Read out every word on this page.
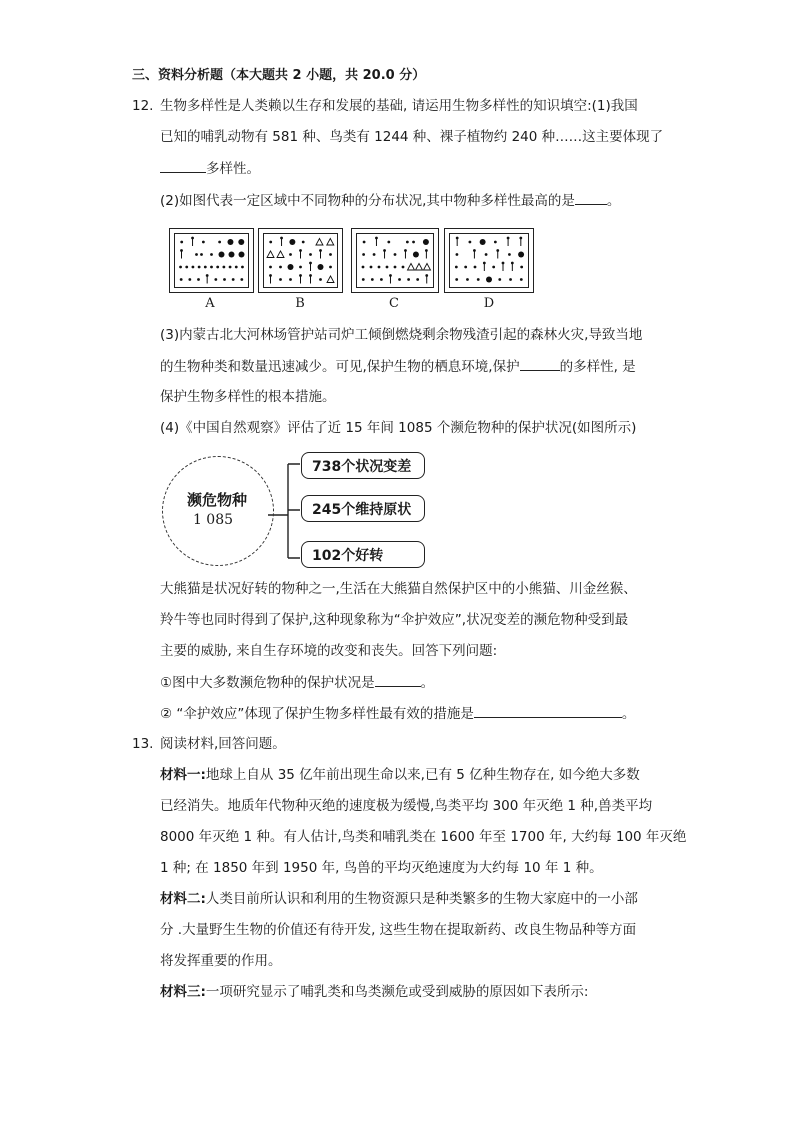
三、资料分析题（本大题共 2 小题，共 20.0 分）
12. 生物多样性是人类赖以生存和发展的基础, 请运用生物多样性的知识填空:(1)我国
已知的哺乳动物有 581 种、鸟类有 1244 种、裸子植物约 240 种……这主要体现了
多样性。
(2)如图代表一定区域中不同物种的分布状况,其中物种多样性最高的是 。
A	B	C	D
(3)内蒙古北大河林场管护站司炉工倾倒燃烧剩余物残渣引起的森林火灾,导致当地
的生物种类和数量迅速减少。可见,保护生物的栖息环境,保护	的多样性, 是
保护生物多样性的根本措施。
(4)《中国自然观察》评估了近 15 年间 1085 个濒危物种的保护状况(如图所示)
濒危物种
1 085
738个状况变差
245个维持原状
102个好转
大熊猫是状况好转的物种之一,生活在大熊猫自然保护区中的小熊猫、川金丝猴、
羚牛等也同时得到了保护,这种现象称为“伞护效应”,状况变差的濒危物种受到最
主要的威胁, 来自生存环境的改变和丧失。回答下列问题:
①图中大多数濒危物种的保护状况是	。
② “伞护效应”体现了保护生物多样性最有效的措施是	。
13. 阅读材料,回答问题。
材料一:地球上自从 35 亿年前出现生命以来,已有 5 亿种生物存在, 如今绝大多数
已经消失。地质年代物种灭绝的速度极为缓慢,鸟类平均 300 年灭绝 1 种,兽类平均
8000 年灭绝 1 种。有人估计,鸟类和哺乳类在 1600 年至 1700 年, 大约每 100 年灭绝
1 种; 在 1850 年到 1950 年, 鸟兽的平均灭绝速度为大约每 10 年 1 种。
材料二:人类目前所认识和利用的生物资源只是种类繁多的生物大家庭中的一小部
分 .大量野生生物的价值还有待开发, 这些生物在提取新药、改良生物品种等方面
将发挥重要的作用。
材料三:一项研究显示了哺乳类和鸟类濒危或受到威胁的原因如下表所示:
